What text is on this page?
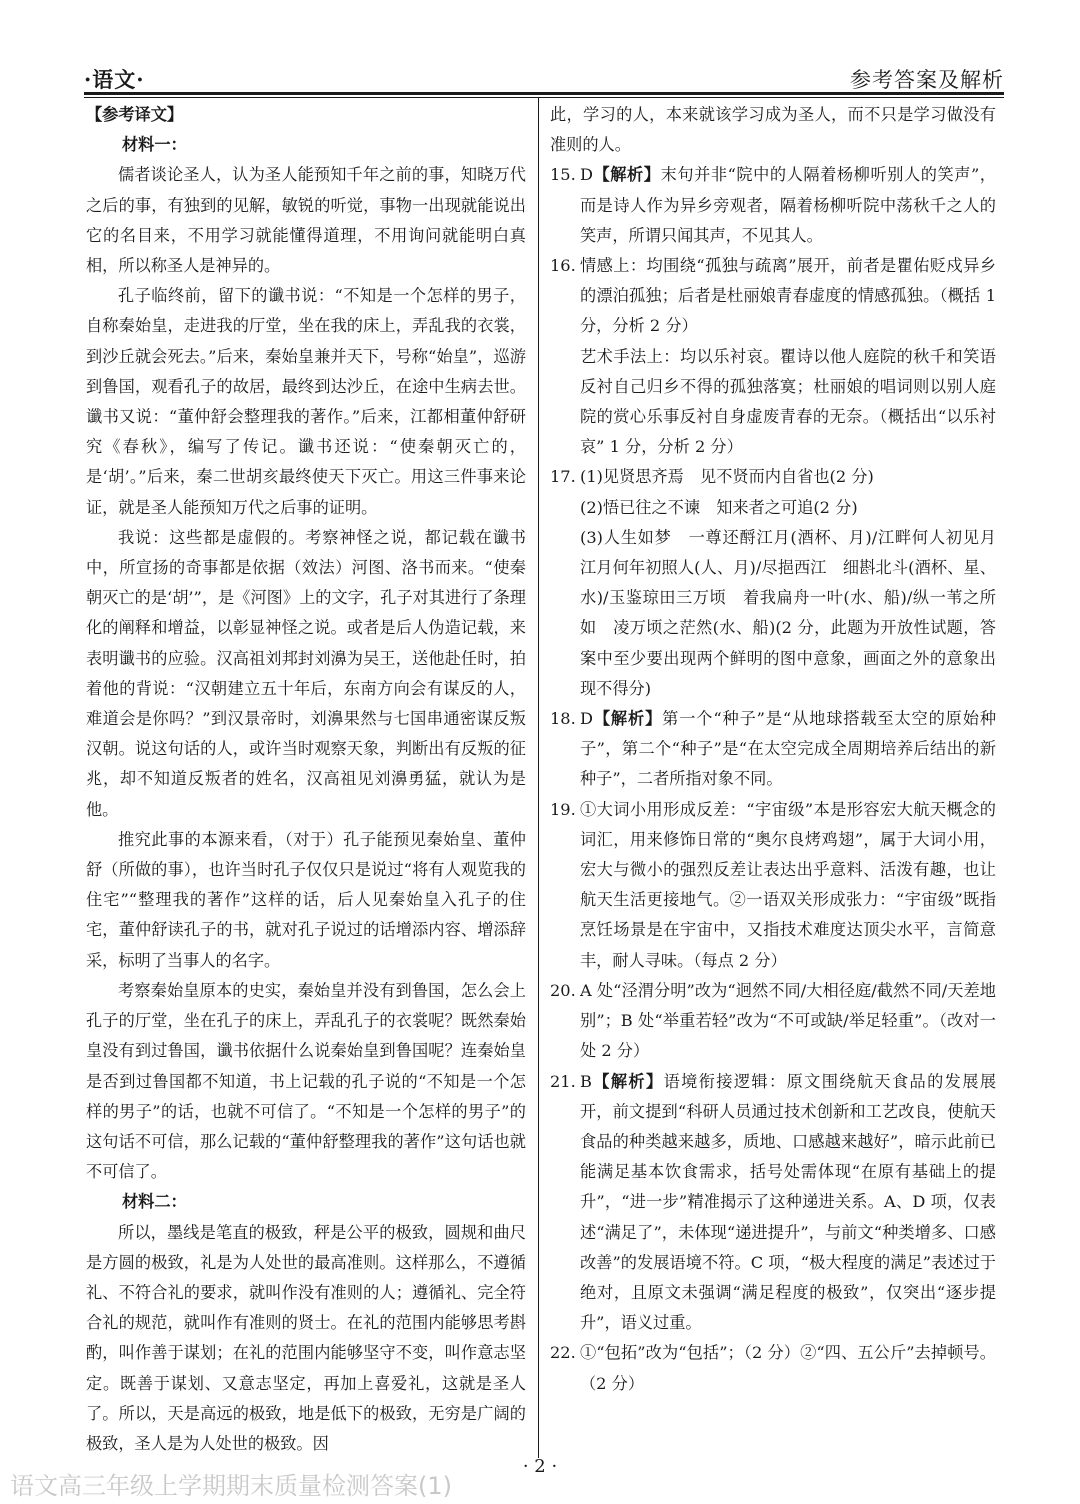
·语文·	参考答案及解析
【参考译文】
材料一：

儒者谈论圣人，认为圣人能预知千年之前的事，知晓万代之后的事，有独到的见解，敏锐的听觉，事物一出现就能说出它的名目来，不用学习就能懂得道理，不用询问就能明白真相，所以称圣人是神异的。

孔子临终前，留下的谶书说：“不知是一个怎样的男子，自称秦始皇，走进我的厅堂，坐在我的床上，弄乱我的衣裳，到沙丘就会死去。”后来，秦始皇兼并天下，号称“始皇”，巡游到鲁国，观看孔子的故居，最终到达沙丘，在途中生病去世。谶书又说：“董仲舒会整理我的著作。”后来，江都相董仲舒研究《春秋》，编写了传记。谶书还说：“使秦朝灭亡的，是‘胡’。”后来，秦二世胡亥最终使天下灭亡。用这三件事来论证，就是圣人能预知万代之后事的证明。

我说：这些都是虚假的。考察神怪之说，都记载在谶书中，所宣扬的奇事都是依据（效法）河图、洛书而来。“使秦朝灭亡的是‘胡’”，是《河图》上的文字，孔子对其进行了条理化的阐释和增益，以彰显神怪之说。或者是后人伪造记载，来表明谶书的应验。汉高祖刘邦封刘濞为吴王，送他赴任时，拍着他的背说：“汉朝建立五十年后，东南方向会有谋反的人，难道会是你吗？”到汉景帝时，刘濞果然与七国串通密谋反叛汉朝。说这句话的人，或许当时观察天象，判断出有反叛的征兆，却不知道反叛者的姓名，汉高祖见刘濞勇猛，就认为是他。

推究此事的本源来看，（对于）孔子能预见秦始皇、董仲舒（所做的事），也许当时孔子仅仅只是说过“将有人观览我的住宅”“整理我的著作”这样的话，后人见秦始皇入孔子的住宅，董仲舒读孔子的书，就对孔子说过的话增添内容、增添辞采，标明了当事人的名字。

考察秦始皇原本的史实，秦始皇并没有到鲁国，怎么会上孔子的厅堂，坐在孔子的床上，弄乱孔子的衣裳呢？既然秦始皇没有到过鲁国，谶书依据什么说秦始皇到鲁国呢？连秦始皇是否到过鲁国都不知道，书上记载的孔子说的“不知是一个怎样的男子”的话，也就不可信了。“不知是一个怎样的男子”的这句话不可信，那么记载的“董仲舒整理我的著作”这句话也就不可信了。

材料二：

所以，墨线是笔直的极致，秤是公平的极致，圆规和曲尺是方圆的极致，礼是为人处世的最高准则。这样那么，不遵循礼、不符合礼的要求，就叫作没有准则的人；遵循礼、完全符合礼的规范，就叫作有准则的贤士。在礼的范围内能够思考斟酌，叫作善于谋划；在礼的范围内能够坚守不变，叫作意志坚定。既善于谋划、又意志坚定，再加上喜爱礼，这就是圣人了。所以，天是高远的极致，地是低下的极致，无穷是广阔的极致，圣人是为人处世的极致。因

此，学习的人，本来就该学习成为圣人，而不只是学习做没有准则的人。

15. D【解析】末句并非“院中的人隔着杨柳听别人的笑声”，而是诗人作为异乡旁观者，隔着杨柳听院中荡秋千之人的笑声，所谓只闻其声，不见其人。
16. 情感上：均围绕“孤独与疏离”展开，前者是瞿佑贬戍异乡的漂泊孤独；后者是杜丽娘青春虚度的情感孤独。（概括 1 分，分析 2 分）

艺术手法上：均以乐衬哀。瞿诗以他人庭院的秋千和笑语反衬自己归乡不得的孤独落寞；杜丽娘的唱词则以别人庭院的赏心乐事反衬自身虚废青春的无奈。（概括出“以乐衬哀” 1 分，分析 2 分）

17. (1)见贤思齐焉　见不贤而内自省也(2 分)

(2)悟已往之不谏　知来者之可追(2 分)

(3)人生如梦　一尊还酹江月(酒杯、月)/江畔何人初见月　江月何年初照人(人、月)/尽挹西江　细斟北斗(酒杯、星、水)/玉鉴琼田三万顷　着我扁舟一叶(水、船)/纵一苇之所如　凌万顷之茫然(水、船)(2 分，此题为开放性试题，答案中至少要出现两个鲜明的图中意象，画面之外的意象出现不得分)

18. D【解析】第一个“种子”是“从地球搭载至太空的原始种子”，第二个“种子”是“在太空完成全周期培养后结出的新种子”，二者所指对象不同。
19. ①大词小用形成反差：“宇宙级”本是形容宏大航天概念的词汇，用来修饰日常的“奥尔良烤鸡翅”，属于大词小用，宏大与微小的强烈反差让表达出乎意料、活泼有趣，也让航天生活更接地气。②一语双关形成张力：“宇宙级”既指烹饪场景是在宇宙中，又指技术难度达顶尖水平，言简意丰，耐人寻味。（每点 2 分）
20. A 处“泾渭分明”改为“迥然不同/大相径庭/截然不同/天差地别”；B 处“举重若轻”改为“不可或缺/举足轻重”。（改对一处 2 分）
21. B【解析】语境衔接逻辑：原文围绕航天食品的发展展开，前文提到“科研人员通过技术创新和工艺改良，使航天食品的种类越来越多，质地、口感越来越好”，暗示此前已能满足基本饮食需求，括号处需体现“在原有基础上的提升”，“进一步”精准揭示了这种递进关系。A、D 项，仅表述“满足了”，未体现“递进提升”，与前文“种类增多、口感改善”的发展语境不符。C 项，“极大程度的满足”表述过于绝对，且原文未强调“满足程度的极致”，仅突出“逐步提升”，语义过重。
22. ①“包拓”改为“包括”；（2 分）②“四、五公斤”去掉顿号。（2 分）
· 2 ·
语文高三年级上学期期末质量检测答案(1)
